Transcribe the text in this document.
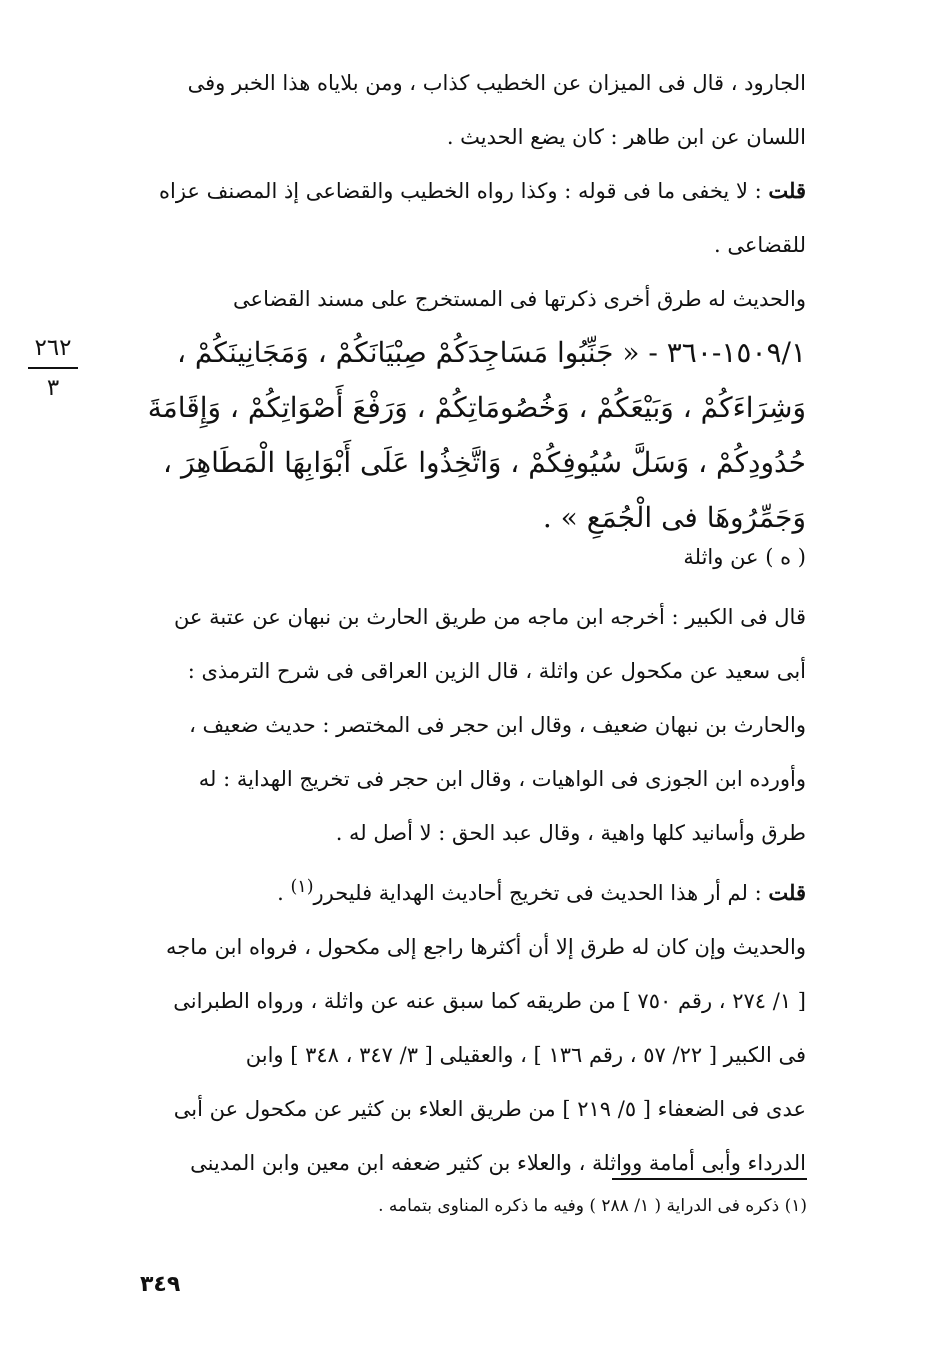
٢٦٢
٣
الجارود ، قال فى الميزان عن الخطيب كذاب ، ومن بلاياه هذا الخبر وفى
اللسان عن ابن طاهر : كان يضع الحديث .
قلت : لا يخفى ما فى قوله : وكذا رواه الخطيب والقضاعى إذ المصنف عزاه
للقضاعى .
والحديث له طرق أخرى ذكرتها فى المستخرج على مسند القضاعى
١٥٠٩/١-٣٦٠ - « جَنِّبُوا مَسَاجِدَكُمْ صِبْيَانَكُمْ ، وَمَجَانِينَكُمْ ،
وَشِرَاءَكُمْ ، وَبَيْعَكُمْ ، وَخُصُومَاتِكُمْ ، وَرَفْعَ أَصْوَاتِكُمْ ، وَإِقَامَةَ
حُدُودِكُمْ ، وَسَلَّ سُيُوفِكُمْ ، وَاتَّخِذُوا عَلَى أَبْوَابِهَا الْمَطَاهِرَ ،
وَجَمِّرُوهَا فى الْجُمَعِ » .
( ه ) عن واثلة
قال فى الكبير : أخرجه ابن ماجه من طريق الحارث بن نبهان عن عتبة عن
أبى سعيد عن مكحول عن واثلة ، قال الزين العراقى فى شرح الترمذى :
والحارث بن نبهان ضعيف ، وقال ابن حجر فى المختصر : حديث ضعيف ،
وأورده ابن الجوزى فى الواهيات ، وقال ابن حجر فى تخريج الهداية : له
طرق وأسانيد كلها واهية ، وقال عبد الحق : لا أصل له .
قلت : لم أر هذا الحديث فى تخريج أحاديث الهداية فليحرر$^{(١)}$ .
والحديث وإن كان له طرق إلا أن أكثرها راجع إلى مكحول ، فرواه ابن ماجه
[ ١/ ٢٧٤ ، رقم ٧٥٠ ] من طريقه كما سبق عنه عن واثلة ، ورواه الطبرانى
فى الكبير [ ٢٢/ ٥٧ ، رقم ١٣٦ ] ، والعقيلى [ ٣/ ٣٤٧ ، ٣٤٨ ] وابن
عدى فى الضعفاء [ ٥/ ٢١٩ ] من طريق العلاء بن كثير عن مكحول عن أبى
الدرداء وأبى أمامة وواثلة ، والعلاء بن كثير ضعفه ابن معين وابن المدينى
(١) ذكره فى الدراية ( ١/ ٢٨٨ ) وفيه ما ذكره المناوى بتمامه .
٣٤٩
